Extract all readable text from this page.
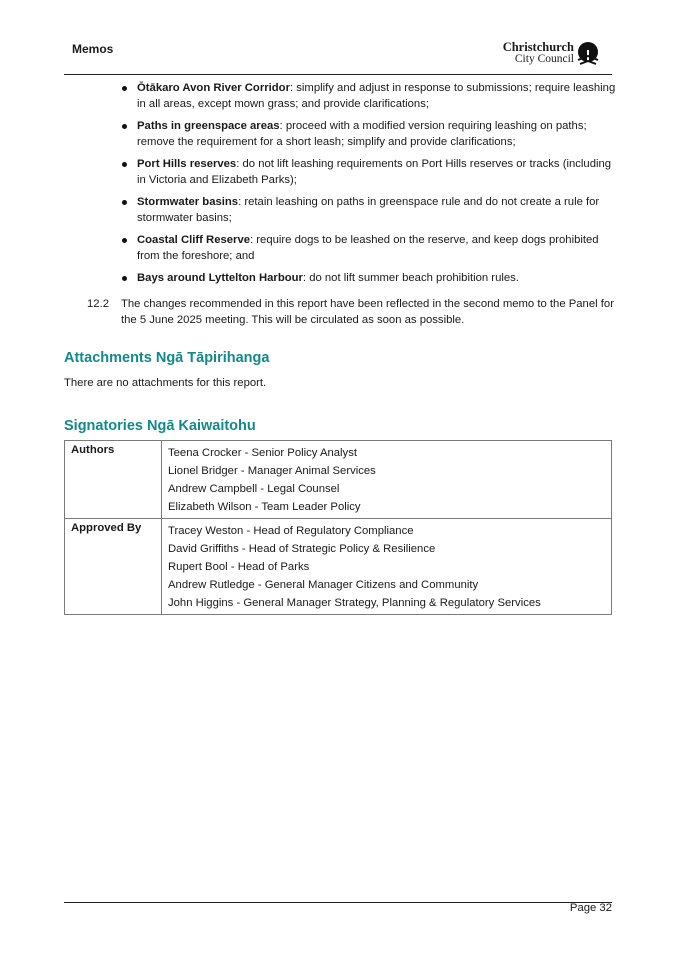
Memos	Christchurch
City Council
Ōtākaro Avon River Corridor: simplify and adjust in response to submissions; require leashing in all areas, except mown grass; and provide clarifications;
Paths in greenspace areas: proceed with a modified version requiring leashing on paths; remove the requirement for a short leash; simplify and provide clarifications;
Port Hills reserves: do not lift leashing requirements on Port Hills reserves or tracks (including in Victoria and Elizabeth Parks);
Stormwater basins: retain leashing on paths in greenspace rule and do not create a rule for stormwater basins;
Coastal Cliff Reserve: require dogs to be leashed on the reserve, and keep dogs prohibited from the foreshore; and
Bays around Lyttelton Harbour: do not lift summer beach prohibition rules.
12.2 The changes recommended in this report have been reflected in the second memo to the Panel for the 5 June 2025 meeting. This will be circulated as soon as possible.
Attachments Ngā Tāpirihanga
There are no attachments for this report.
Signatories Ngā Kaiwaitohu
Authors	Teena Crocker - Senior Policy Analyst
Lionel Bridger - Manager Animal Services
Andrew Campbell - Legal Counsel
Elizabeth Wilson - Team Leader Policy

Approved By	Tracey Weston - Head of Regulatory Compliance
David Griffiths - Head of Strategic Policy & Resilience
Rupert Bool - Head of Parks
Andrew Rutledge - General Manager Citizens and Community
John Higgins - General Manager Strategy, Planning & Regulatory Services
Page 32
